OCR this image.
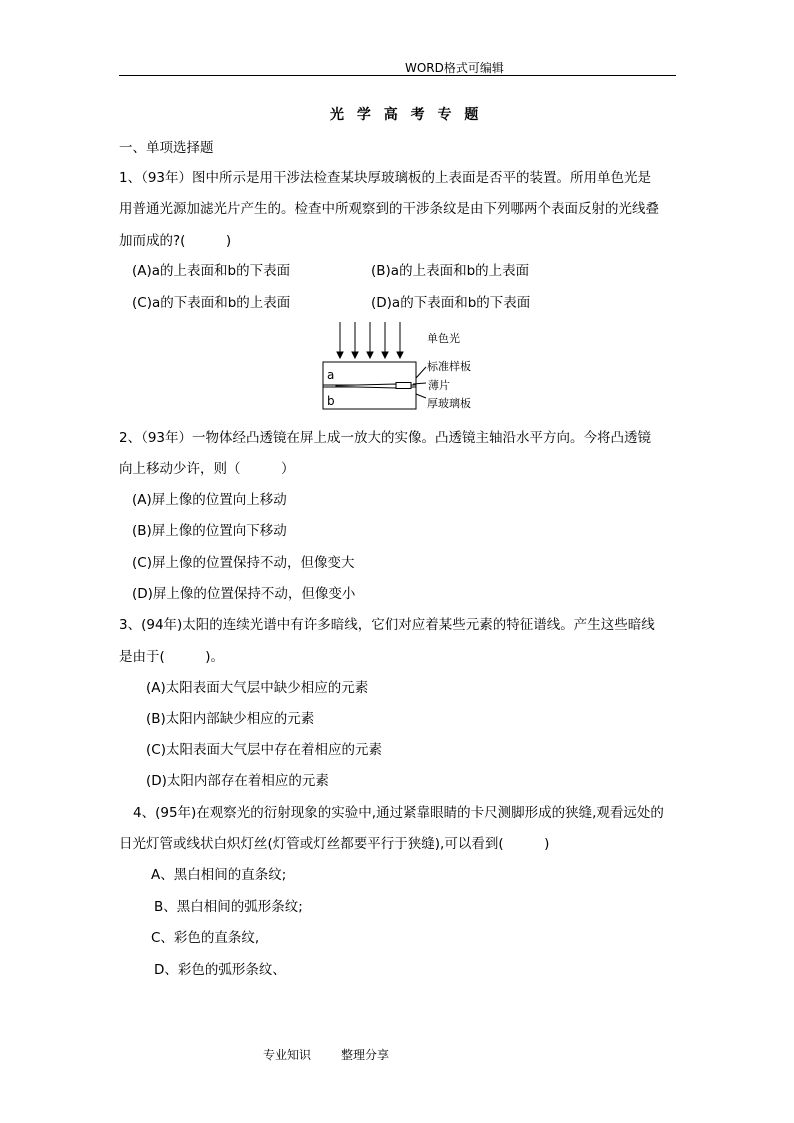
WORD格式可编辑
光 学 高 考 专 题
一、单项选择题
1、（93年）图中所示是用干涉法检查某块厚玻璃板的上表面是否平的装置。所用单色光是
用普通光源加滤光片产生的。检查中所观察到的干涉条纹是由下列哪两个表面反射的光线叠
加而成的?(　　　)
(A)a的上表面和b的下表面	(B)a的上表面和b的上表面
(C)a的下表面和b的上表面	(D)a的下表面和b的下表面
a
b
单色光
标准样板
薄片
厚玻璃板
2、（93年）一物体经凸透镜在屏上成一放大的实像。凸透镜主轴沿水平方向。今将凸透镜
向上移动少许，则（　　　）
(A)屏上像的位置向上移动
(B)屏上像的位置向下移动
(C)屏上像的位置保持不动，但像变大
(D)屏上像的位置保持不动，但像变小
3、(94年)太阳的连续光谱中有许多暗线，它们对应着某些元素的特征谱线。产生这些暗线
是由于(　　　)。
(A)太阳表面大气层中缺少相应的元素
(B)太阳内部缺少相应的元素
(C)太阳表面大气层中存在着相应的元素
(D)太阳内部存在着相应的元素
4、(95年)在观察光的衍射现象的实验中,通过紧靠眼睛的卡尺测脚形成的狭缝,观看远处的
日光灯管或线状白炽灯丝(灯管或灯丝都要平行于狭缝),可以看到(　　　)
A、黑白相间的直条纹;
B、黑白相间的弧形条纹;
C、彩色的直条纹,
D、彩色的弧形条纹、
专业知识 整理分享
